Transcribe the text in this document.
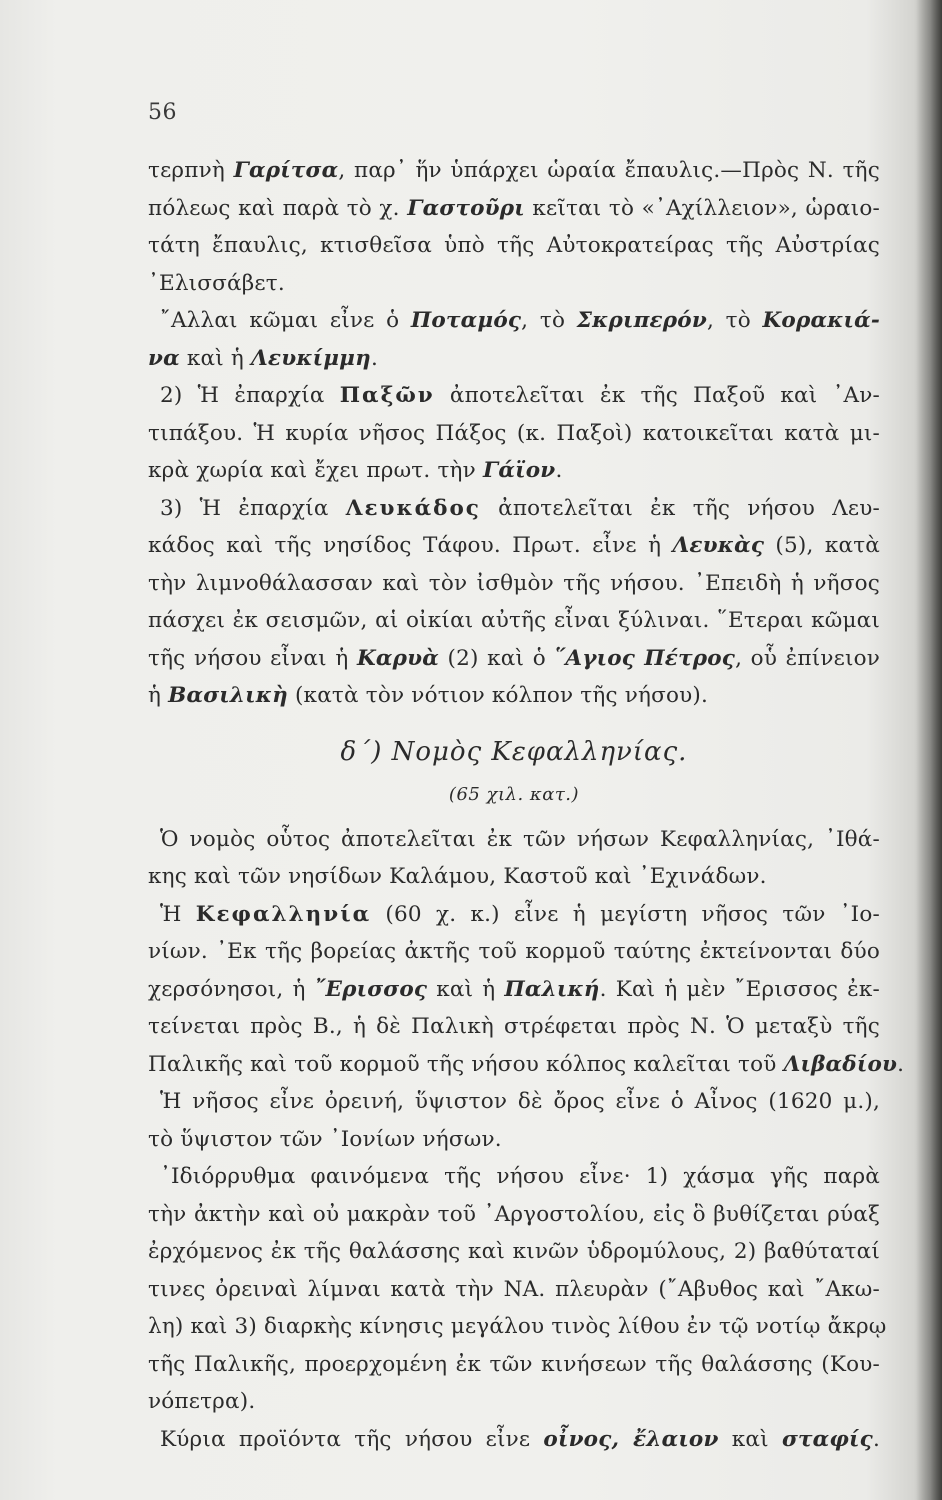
56
τερπνὴ Γαρίτσα, παρ᾽ ἥν ὑπάρχει ὡραία ἔπαυλις.—Πρὸς Ν. τῆς
πόλεως καὶ παρὰ τὸ χ. Γαστοῦρι κεῖται τὸ «᾿Αχίλλειον», ὡραιο-
τάτη ἔπαυλις, κτισθεῖσα ὑπὸ τῆς Αὐτοκρατείρας τῆς Αὐστρίας
᾿Ελισσάβετ.
῎Αλλαι κῶμαι εἶνε ὁ Ποταμός, τὸ Σκριπερόν, τὸ Κορακιά-
να καὶ ἡ Λευκίμμη.
2) Ἡ ἐπαρχία Παξῶν ἀποτελεῖται ἐκ τῆς Παξοῦ καὶ ᾿Αν-
τιπάξου. Ἡ κυρία νῆσος Πάξος (κ. Παξοὶ) κατοικεῖται κατὰ μι-
κρὰ χωρία καὶ ἔχει πρωτ. τὴν Γάϊον.
3) Ἡ ἐπαρχία Λευκάδος ἀποτελεῖται ἐκ τῆς νήσου Λευ-
κάδος καὶ τῆς νησίδος Τάφου. Πρωτ. εἶνε ἡ Λευκὰς (5), κατὰ
τὴν λιμνοθάλασσαν καὶ τὸν ἰσθμὸν τῆς νήσου. ᾿Επειδὴ ἡ νῆσος
πάσχει ἐκ σεισμῶν, αἱ οἰκίαι αὐτῆς εἶναι ξύλιναι. ῞Ετεραι κῶμαι
τῆς νήσου εἶναι ἡ Καρυὰ (2) καὶ ὁ ῞Αγιος Πέτρος, οὗ ἐπίνειον
ἡ Βασιλικὴ (κατὰ τὸν νότιον κόλπον τῆς νήσου).
δ΄) Νομὸς Κεφαλληνίας.
(65 χιλ. κατ.)
Ὁ νομὸς οὗτος ἀποτελεῖται ἐκ τῶν νήσων Κεφαλληνίας, ᾿Ιθά-
κης καὶ τῶν νησίδων Καλάμου, Καστοῦ καὶ ᾿Εχινάδων.
Ἡ Κεφαλληνία (60 χ. κ.) εἶνε ἡ μεγίστη νῆσος τῶν ᾿Ιο-
νίων. ᾿Εκ τῆς βορείας ἀκτῆς τοῦ κορμοῦ ταύτης ἐκτείνονται δύο
χερσόνησοι, ἡ ῎Ερισσος καὶ ἡ Παλική. Καὶ ἡ μὲν ῎Ερισσος ἐκ-
τείνεται πρὸς Β., ἡ δὲ Παλικὴ στρέφεται πρὸς Ν. Ὁ μεταξὺ τῆς
Παλικῆς καὶ τοῦ κορμοῦ τῆς νήσου κόλπος καλεῖται τοῦ Λιβαδίου.
Ἡ νῆσος εἶνε ὀρεινή, ὕψιστον δὲ ὄρος εἶνε ὁ Αἶνος (1620 μ.),
τὸ ὕψιστον τῶν ᾿Ιονίων νήσων.
᾿Ιδιόρρυθμα φαινόμενα τῆς νήσου εἶνε· 1) χάσμα γῆς παρὰ
τὴν ἀκτὴν καὶ οὐ μακρὰν τοῦ ᾿Αργοστολίου, εἰς ὃ βυθίζεται ρύαξ
ἐρχόμενος ἐκ τῆς θαλάσσης καὶ κινῶν ὑδρομύλους, 2) βαθύταταί
τινες ὀρειναὶ λίμναι κατὰ τὴν ΝΑ. πλευρὰν (῎Αβυθος καὶ ῎Ακω-
λη) καὶ 3) διαρκὴς κίνησις μεγάλου τινὸς λίθου ἐν τῷ νοτίῳ ἄκρῳ
τῆς Παλικῆς, προερχομένη ἐκ τῶν κινήσεων τῆς θαλάσσης (Κου-
νόπετρα).
Κύρια προϊόντα τῆς νήσου εἶνε οἶνος, ἔλαιον καὶ σταφίς.
